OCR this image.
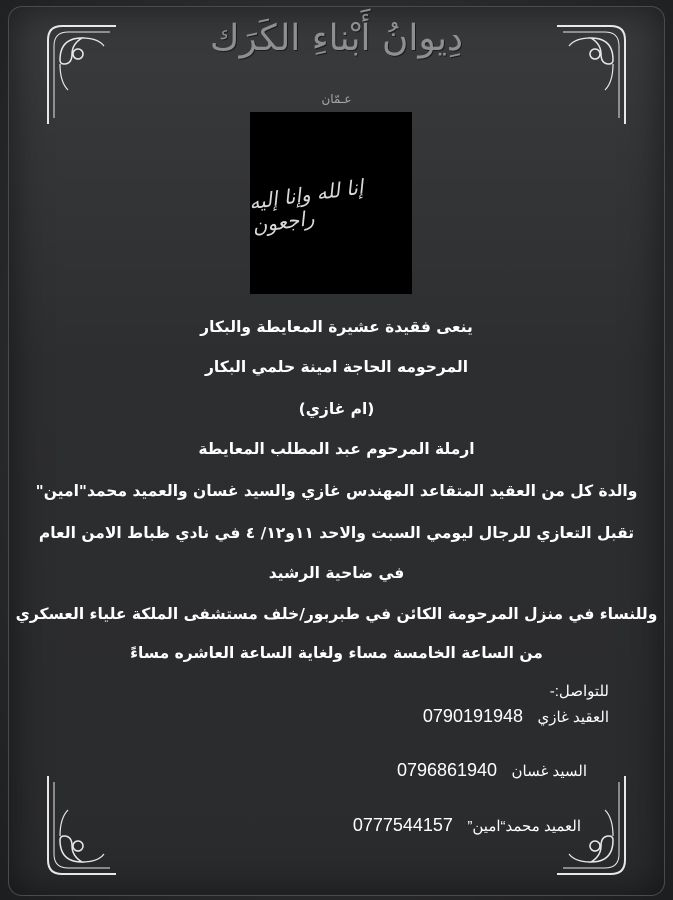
دِيوانُ أَبْناءِ الكَرَك
عـمّان
إنا لله وإنا إليه راجعون
ينعى فقيدة عشيرة المعايطة والبكار
المرحومه الحاجة امينة حلمي البكار
(ام غازي)
ارملة المرحوم عبد المطلب المعايطة
والدة كل من العقيد المتقاعد المهندس غازي والسيد غسان والعميد محمد"امين"
تقبل التعازي للرجال ليومي السبت والاحد ١١و١٢/ ٤ في نادي ظباط الامن العام
في ضاحية الرشيد
وللنساء في منزل المرحومة الكائن في طبربور/خلف مستشفى الملكة علياء العسكري
من الساعة الخامسة مساء ولغاية الساعة العاشره مساءً
للتواصل:-
العقيد غازي 0790191948
السيد غسان 0796861940
العميد محمد“امين” 0777544157
